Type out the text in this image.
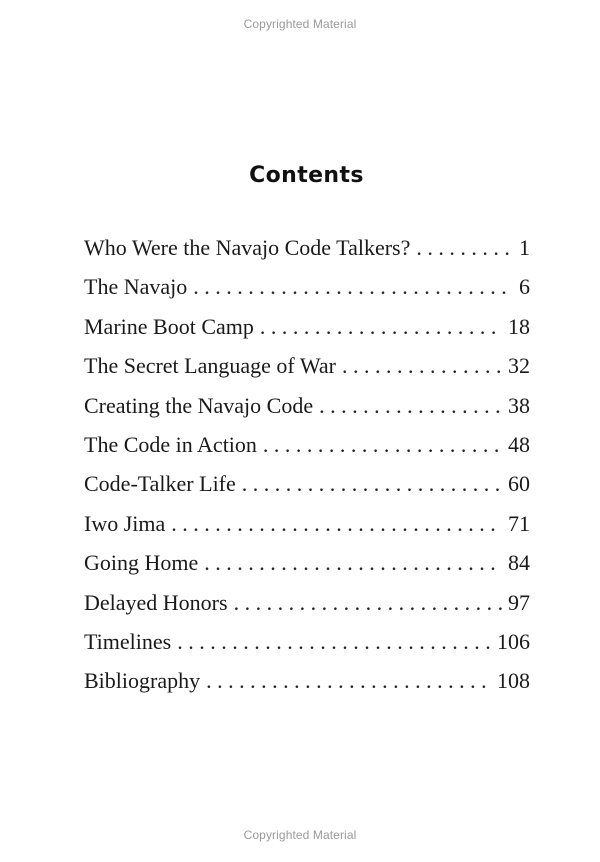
Copyrighted Material
Contents
Who Were the Navajo Code Talkers? . . .	1
The Navajo . . .	6
Marine Boot Camp . . .	18
The Secret Language of War . . .	32
Creating the Navajo Code . . .	38
The Code in Action . . .	48
Code-Talker Life . . .	60
Iwo Jima . . .	71
Going Home . . .	84
Delayed Honors . . .	97
Timelines . . .	106
Bibliography . . .	108
Copyrighted Material
